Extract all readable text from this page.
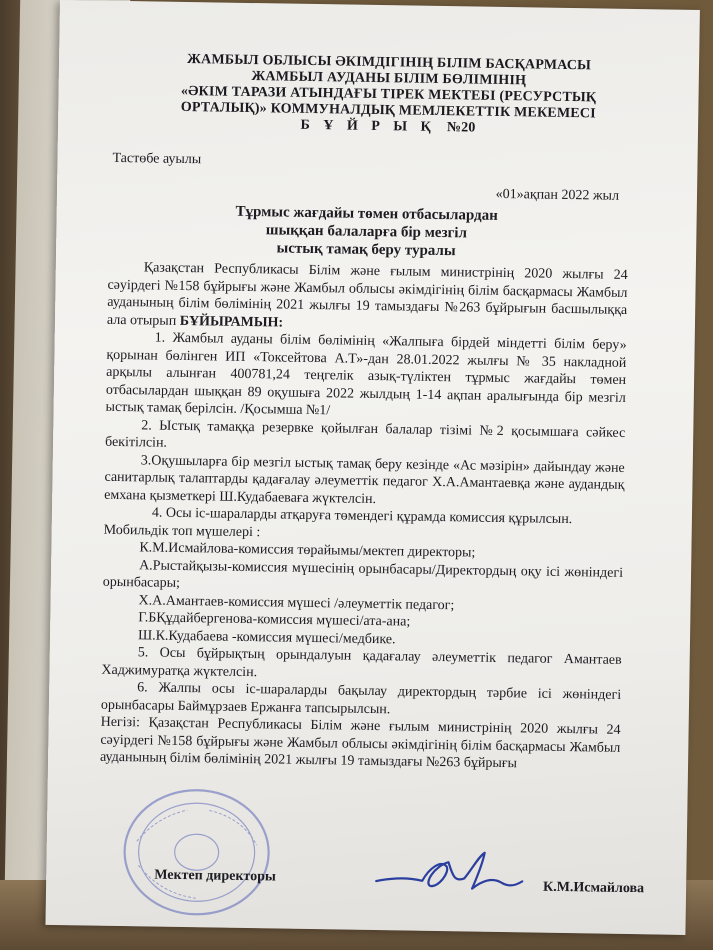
ЖАМБЫЛ ОБЛЫСЫ ӘКІМДІГІНІҢ БІЛІМ БАСҚАРМАСЫ
ЖАМБЫЛ АУДАНЫ БІЛІМ БӨЛІМІНІҢ
«ӘКІМ ТАРАЗИ АТЫНДАҒЫ ТІРЕК МЕКТЕБІ (РЕСУРСТЫҚ
ОРТАЛЫҚ)» КОММУНАЛДЫҚ МЕМЛЕКЕТТІК МЕКЕМЕСІ
Б Ұ Й Р Ы Қ №20
Тастөбе ауылы
«01»ақпан 2022 жыл
Тұрмыс жағдайы төмен отбасылардан
шыққан балаларға бір мезгіл
ыстық тамақ беру туралы

Қазақстан Республикасы Білім және ғылым министрінің 2020 жылғы 24 сәуірдегі №158 бұйрығы және Жамбыл облысы әкімдігінің білім басқармасы Жамбыл ауданының білім бөлімінің 2021 жылғы 19 тамыздағы №263 бұйрығын басшылыққа ала отырып БҰЙЫРАМЫН:

1. Жамбыл ауданы білім бөлімінің «Жалпыға бірдей міндетті білім беру» қорынан бөлінген ИП «Токсейтова А.Т»-дан 28.01.2022 жылғы № 35 накладной арқылы алынған 400781,24 теңгелік азық-түліктен тұрмыс жағдайы төмен отбасылардан шыққан 89 оқушыға 2022 жылдың 1-14 ақпан аралығында бір мезгіл ыстық тамақ берілсін. /Қосымша №1/

2. Ыстық тамаққа резервке қойылған балалар тізімі №2 қосымшаға сәйкес бекітілсін.

3.Оқушыларға бір мезгіл ыстық тамақ беру кезінде «Ас мәзірін» дайындау және санитарлық талаптарды қадағалау әлеуметтік педагог Х.А.Амантаевқа және аудандық емхана қызметкері Ш.Кудабаеваға жүктелсін.

4. Осы іс-шараларды атқаруға төмендегі құрамда комиссия құрылсын.

Мобильдік топ мүшелері :

К.М.Исмайлова-комиссия төрайымы/мектеп директоры;

А.Рыстайқызы-комиссия мүшесінің орынбасары/Директордың оқу ісі жөніндегі орынбасары;

Х.А.Амантаев-комиссия мүшесі /әлеуметтік педагог;

Г.БҚұдайбергенова-комиссия мүшесі/ата-ана;

Ш.К.Кудабаева -комиссия мүшесі/медбике.

5. Осы бұйрықтың орындалуын қадағалау әлеуметтік педагог Амантаев Хаджимуратқа жүктелсін.

6. Жалпы осы іс-шараларды бақылау директордың тәрбие ісі жөніндегі орынбасары Баймұрзаев Ержанға тапсырылсын.

Негізі: Қазақстан Республикасы Білім және ғылым министрінің 2020 жылғы 24 сәуірдегі №158 бұйрығы және Жамбыл облысы әкімдігінің білім басқармасы Жамбыл ауданының білім бөлімінің 2021 жылғы 19 тамыздағы №263 бұйрығы

Мектеп директоры
К.М.Исмайлова
